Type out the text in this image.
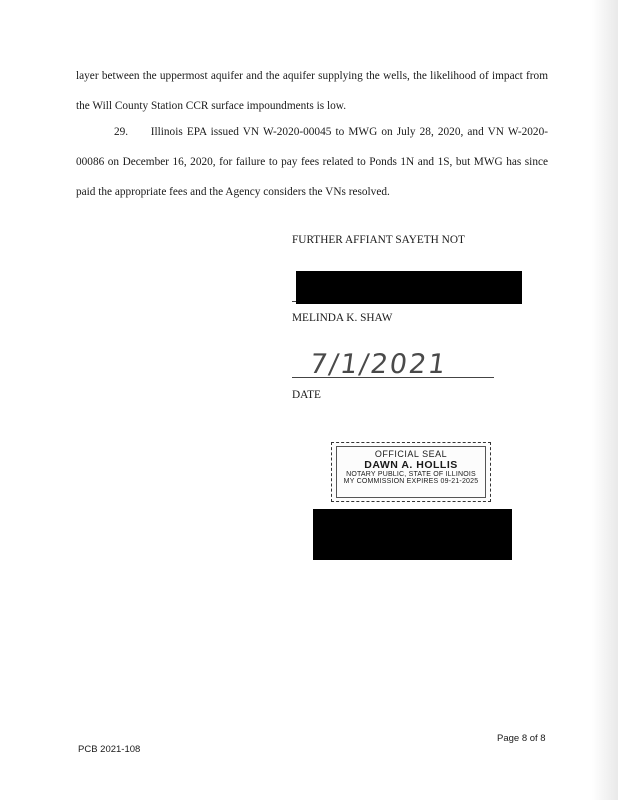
layer between the uppermost aquifer and the aquifer supplying the wells, the likelihood of impact from the Will County Station CCR surface impoundments is low.

29.  Illinois EPA issued VN W-2020-00045 to MWG on July 28, 2020, and VN W-2020-00086 on December 16, 2020, for failure to pay fees related to Ponds 1N and 1S, but MWG has since paid the appropriate fees and the Agency considers the VNs resolved.

FURTHER AFFIANT SAYETH NOT
MELINDA K. SHAW
7/1/2021
DATE
OFFICIAL SEAL
DAWN A. HOLLIS
NOTARY PUBLIC, STATE OF ILLINOIS
MY COMMISSION EXPIRES 09-21-2025
Page 8 of 8
PCB 2021-108
